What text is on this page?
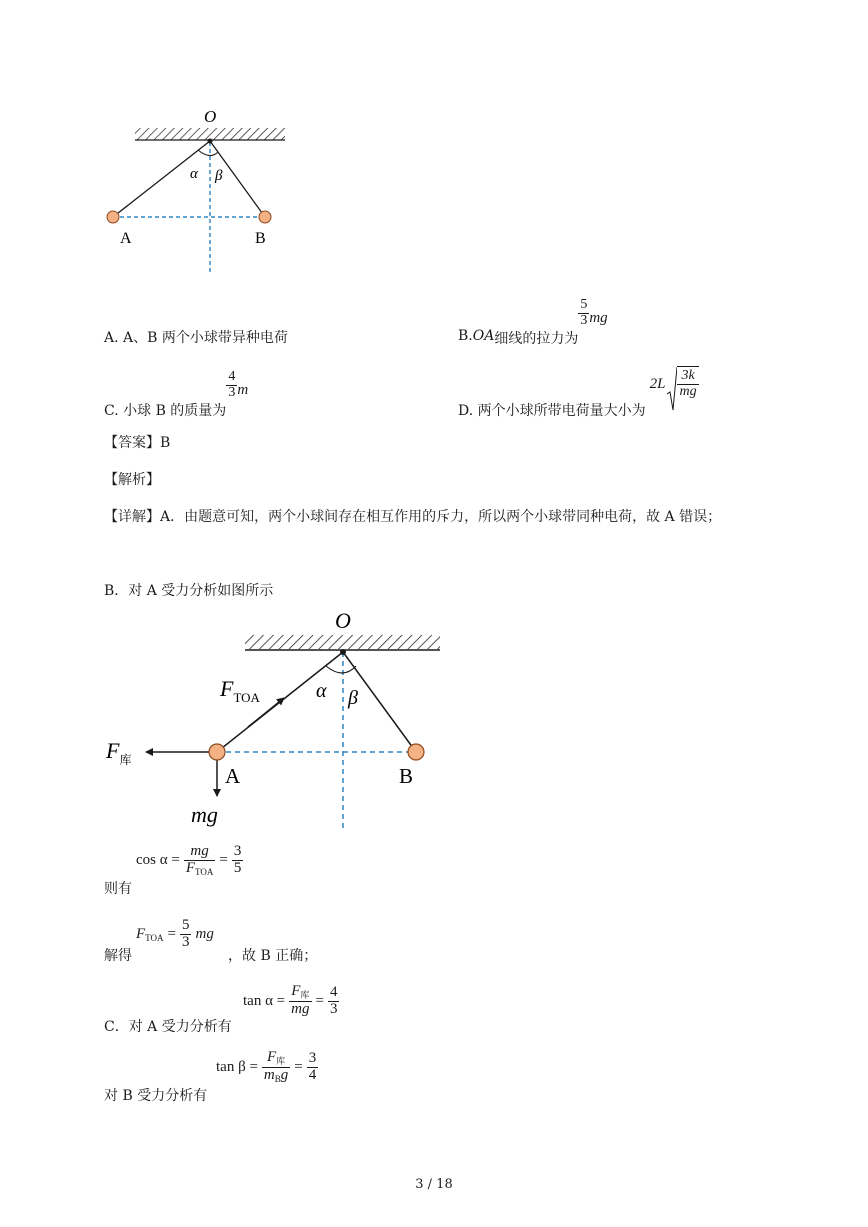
O
α β
A	B
A. A、B 两个小球带异种电荷	B. OA 细线的拉力为
$\frac{5}{3}$ mg
C. 小球 B 的质量为
$\frac{4}{3}$ m
D. 两个小球所带电荷量大小为
$2L \frac{3k}{mg}$
【答案】B
【解析】
【详解】A．由题意可知，两个小球间存在相互作用的斥力，所以两个小球带同种电荷，故 A 错误；
B．对 A 受力分析如图所示
O
$F_{TOA}$	α β
$F_库$
mg
A	B
则有
$\cos \alpha = \frac{mg}{F_{TOA}} = \frac{3}{5}$
解得
$F_{TOA} = \frac{5}{3}$ mg
，故 B 正确；
C．对 A 受力分析有
$\tan \alpha = \frac{F_库}{mg} = \frac{4}{3}$
对 B 受力分析有
$\tan \beta = \frac{F_库}{m_Bg} = \frac{3}{4}$
3 / 18
